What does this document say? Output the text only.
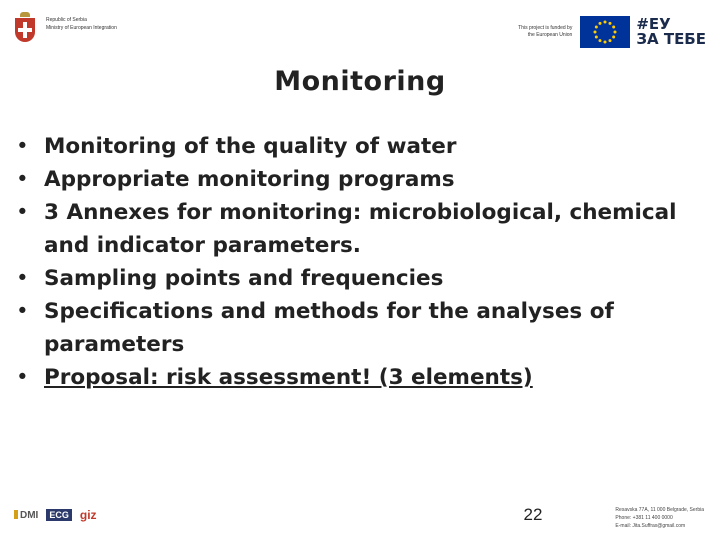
Republic of Serbia
Ministry of European Integration	This project is funded by
the European Union
#ЕУ
ЗА ТЕБЕ
Monitoring
• Monitoring of the quality of water
• Appropriate monitoring programs
• 3 Annexes for monitoring: microbiological, chemical and indicator parameters.
• Sampling points and frequencies
• Specifications and methods for the analyses of parameters
• Proposal: risk assessment! (3 elements)
DMI	ECG giz	22	Resavska 77A, 11 000 Belgrade, Serbia
Phone: +381 11 400 0000
E-mail: Jita.Suffrax@gmail.com
